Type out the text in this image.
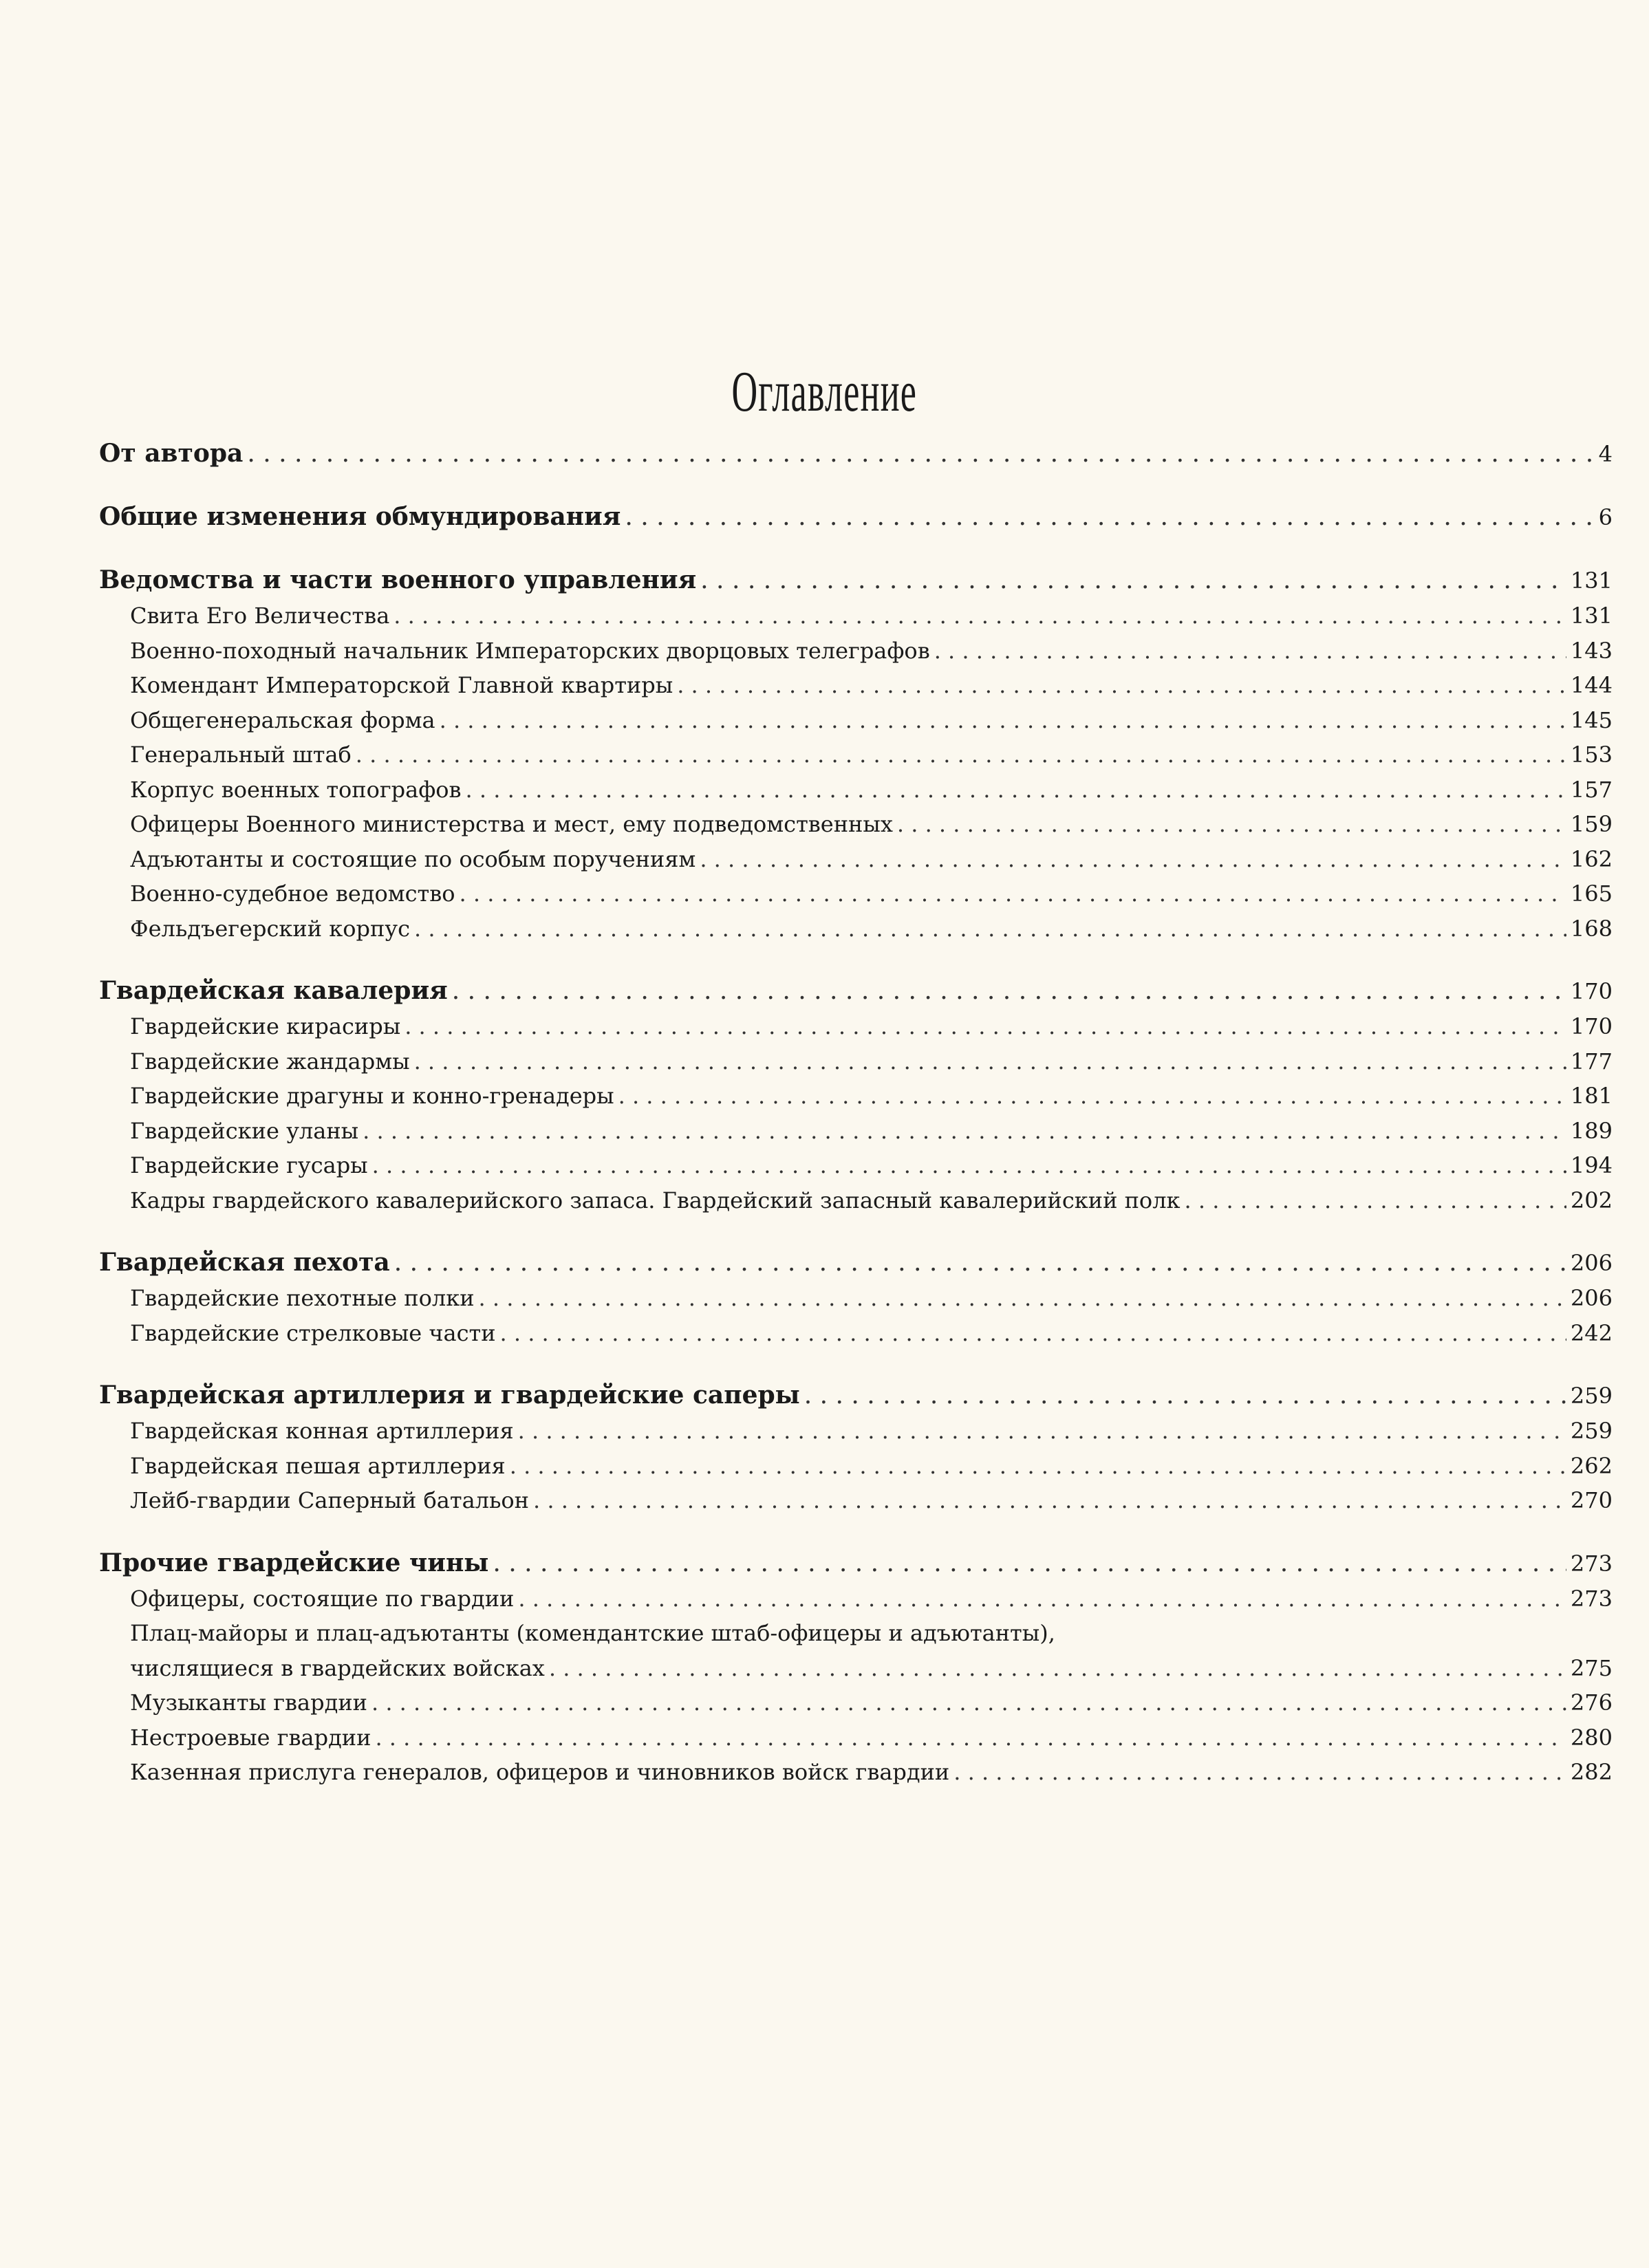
Оглавление
От автора . . .	4
Общие изменения обмундирования . . .	6
Ведомства и части военного управления . . .	131
Свита Его Величества . . .	131
Военно-походный начальник Императорских дворцовых телеграфов . . .	143
Комендант Императорской Главной квартиры . . .	144
Общегенеральская форма . . .	145
Генеральный штаб . . .	153
Корпус военных топографов . . .	157
Офицеры Военного министерства и мест, ему подведомственных . . .	159
Адъютанты и состоящие по особым поручениям . . .	162
Военно-судебное ведомство . . .	165
Фельдъегерский корпус . . .	168
Гвардейская кавалерия . . .	170
Гвардейские кирасиры . . .	170
Гвардейские жандармы . . .	177
Гвардейские драгуны и конно-гренадеры . . .	181
Гвардейские уланы . . .	189
Гвардейские гусары . . .	194
Кадры гвардейского кавалерийского запаса. Гвардейский запасный кавалерийский полк . . .	202
Гвардейская пехота . . .	206
Гвардейские пехотные полки . . .	206
Гвардейские стрелковые части . . .	242
Гвардейская артиллерия и гвардейские саперы . . .	259
Гвардейская конная артиллерия . . .	259
Гвардейская пешая артиллерия . . .	262
Лейб-гвардии Саперный батальон . . .	270
Прочие гвардейские чины . . .	273
Офицеры, состоящие по гвардии . . .	273
Плац-майоры и плац-адъютанты (комендантские штаб-офицеры и адъютанты),
числящиеся в гвардейских войсках . . .	275
Музыканты гвардии . . .	276
Нестроевые гвардии . . .	280
Казенная прислуга генералов, офицеров и чиновников войск гвардии . . .	282
